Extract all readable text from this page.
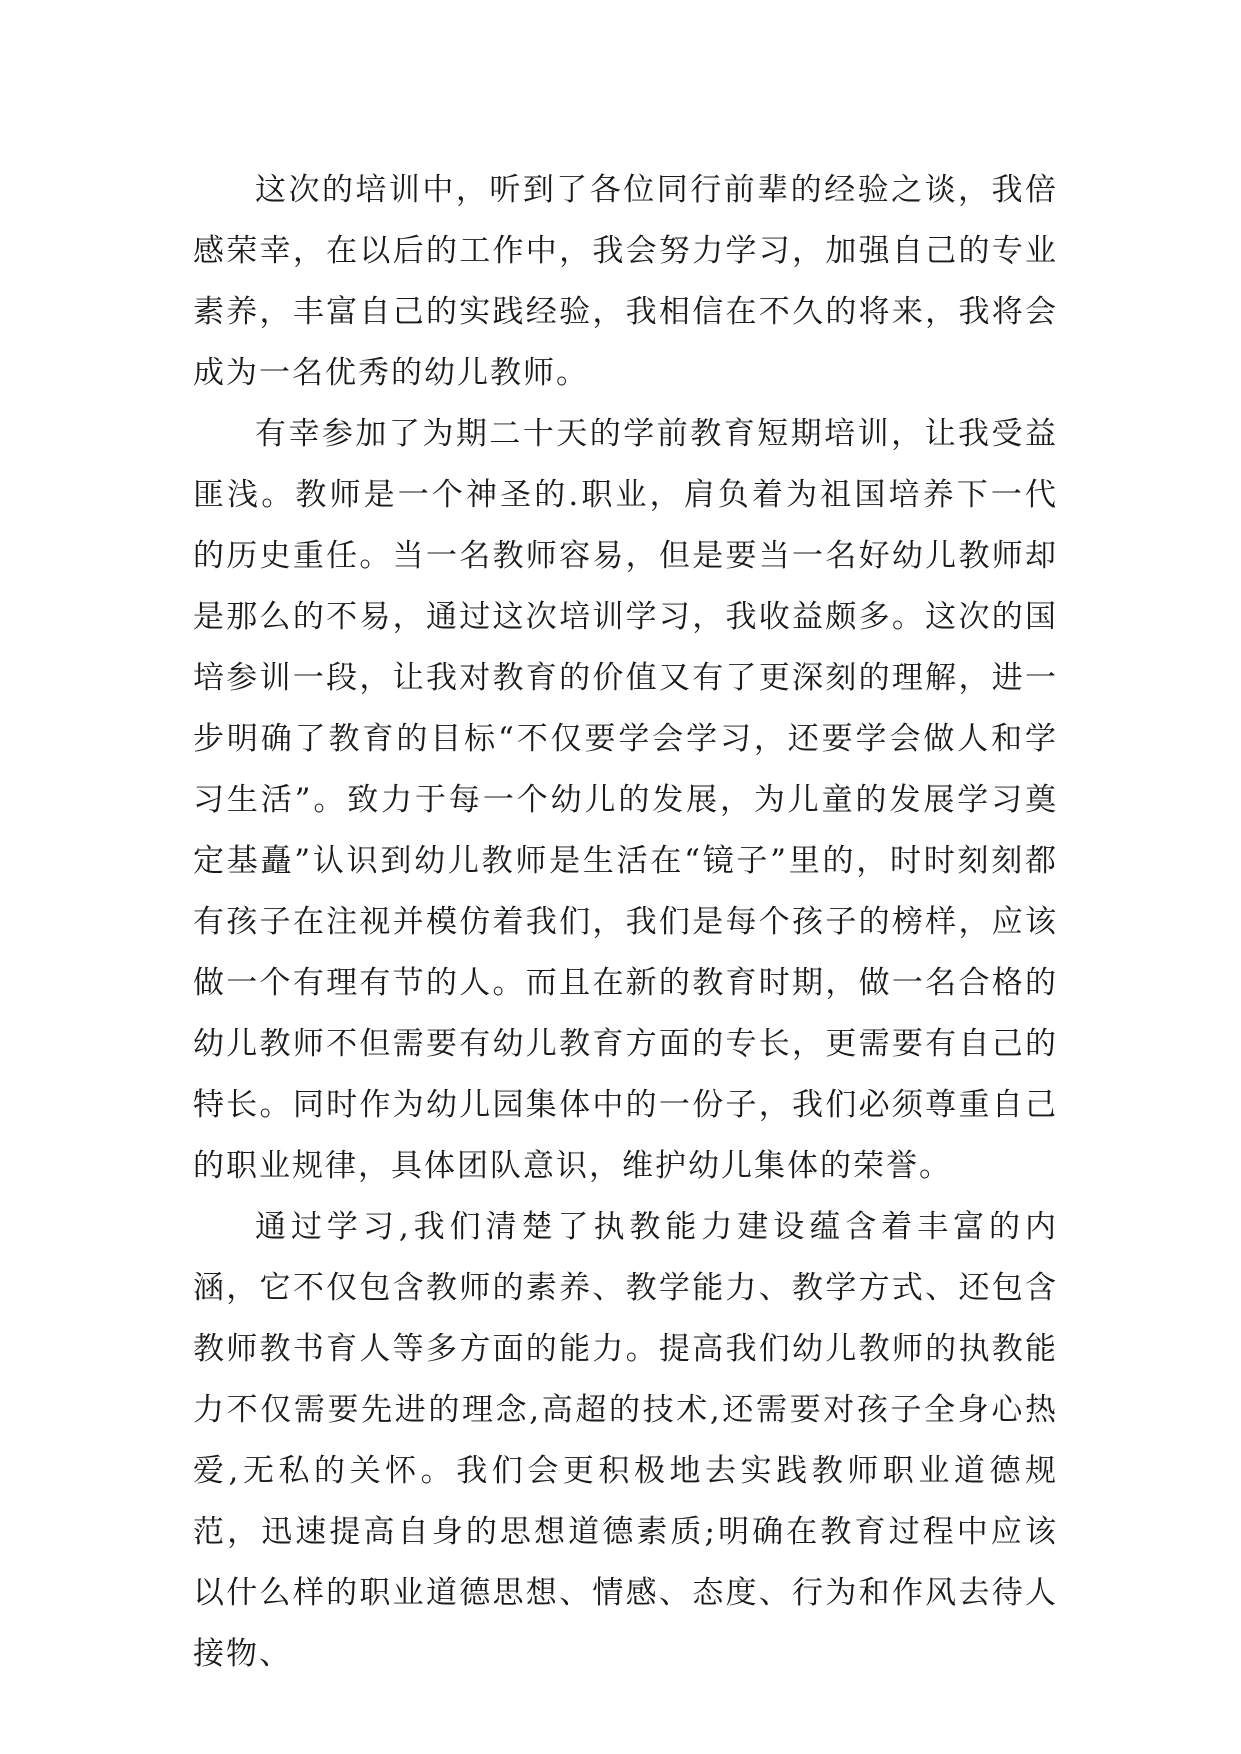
这次的培训中，听到了各位同行前辈的经验之谈，我倍感荣幸，在以后的工作中，我会努力学习，加强自己的专业素养，丰富自己的实践经验，我相信在不久的将来，我将会成为一名优秀的幼儿教师。

有幸参加了为期二十天的学前教育短期培训，让我受益匪浅。教师是一个神圣的.职业，肩负着为祖国培养下一代的历史重任。当一名教师容易，但是要当一名好幼儿教师却是那么的不易，通过这次培训学习，我收益颇多。这次的国培参训一段，让我对教育的价值又有了更深刻的理解，进一步明确了教育的目标“不仅要学会学习，还要学会做人和学习生活”。致力于每一个幼儿的发展，为儿童的发展学习奠定基矗”认识到幼儿教师是生活在“镜子”里的，时时刻刻都有孩子在注视并模仿着我们，我们是每个孩子的榜样，应该做一个有理有节的人。而且在新的教育时期，做一名合格的幼儿教师不但需要有幼儿教育方面的专长，更需要有自己的特长。同时作为幼儿园集体中的一份子，我们必须尊重自己的职业规律，具体团队意识，维护幼儿集体的荣誉。

通过学习,我们清楚了执教能力建设蕴含着丰富的内涵，它不仅包含教师的素养、教学能力、教学方式、还包含教师教书育人等多方面的能力。提高我们幼儿教师的执教能力不仅需要先进的理念,高超的技术,还需要对孩子全身心热爱,无私的关怀。我们会更积极地去实践教师职业道德规范，迅速提高自身的思想道德素质;明确在教育过程中应该以什么样的职业道德思想、情感、态度、行为和作风去待人接物、
